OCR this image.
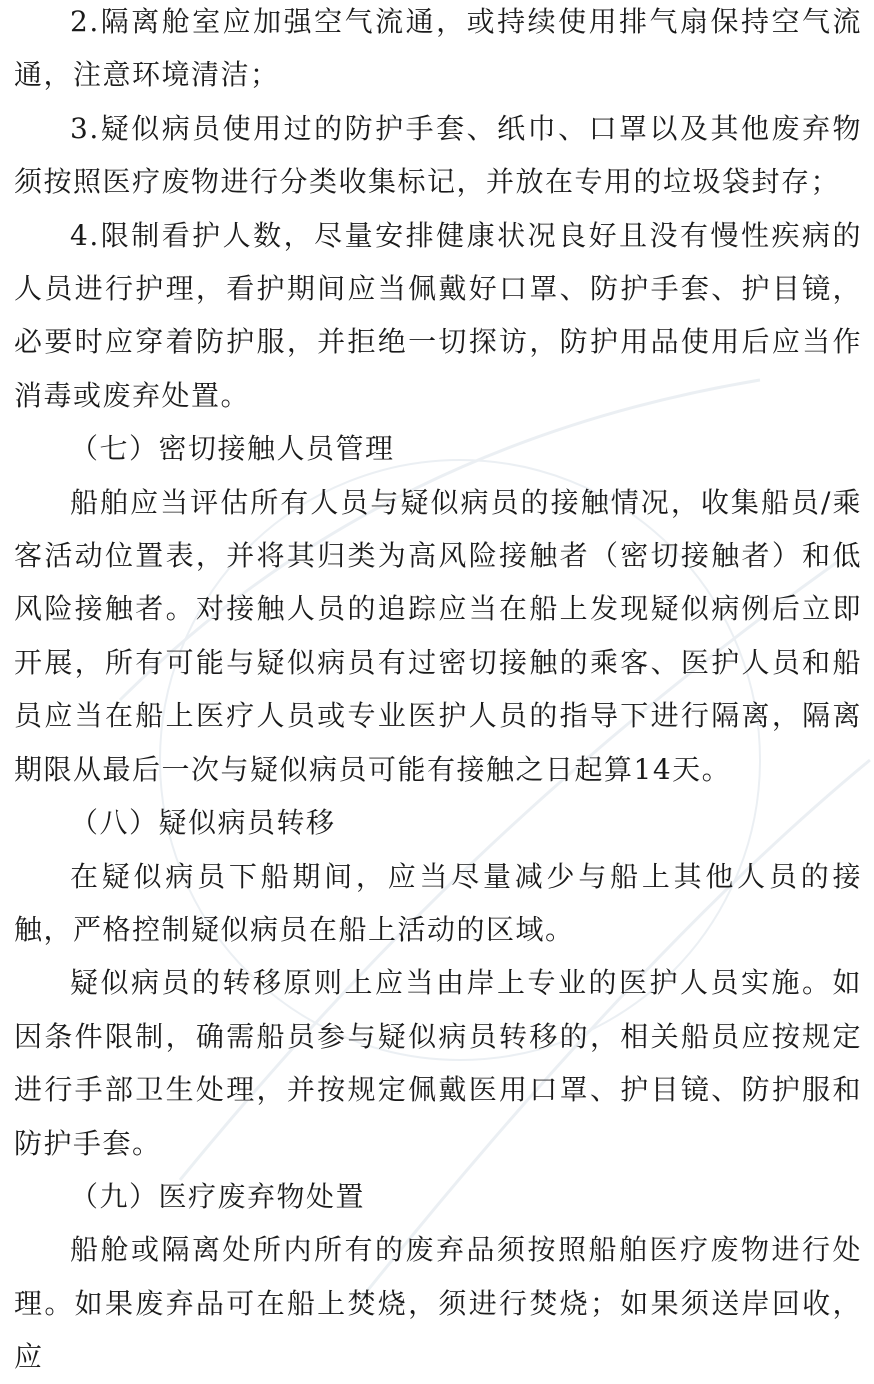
2.隔离舱室应加强空气流通，或持续使用排气扇保持空气流通，注意环境清洁；

3.疑似病员使用过的防护手套、纸巾、口罩以及其他废弃物须按照医疗废物进行分类收集标记，并放在专用的垃圾袋封存；

4.限制看护人数，尽量安排健康状况良好且没有慢性疾病的人员进行护理，看护期间应当佩戴好口罩、防护手套、护目镜，必要时应穿着防护服，并拒绝一切探访，防护用品使用后应当作消毒或废弃处置。

（七）密切接触人员管理

船舶应当评估所有人员与疑似病员的接触情况，收集船员/乘客活动位置表，并将其归类为高风险接触者（密切接触者）和低风险接触者。对接触人员的追踪应当在船上发现疑似病例后立即开展，所有可能与疑似病员有过密切接触的乘客、医护人员和船员应当在船上医疗人员或专业医护人员的指导下进行隔离，隔离期限从最后一次与疑似病员可能有接触之日起算14天。

（八）疑似病员转移

在疑似病员下船期间，应当尽量减少与船上其他人员的接触，严格控制疑似病员在船上活动的区域。

疑似病员的转移原则上应当由岸上专业的医护人员实施。如因条件限制，确需船员参与疑似病员转移的，相关船员应按规定进行手部卫生处理，并按规定佩戴医用口罩、护目镜、防护服和防护手套。

（九）医疗废弃物处置

船舱或隔离处所内所有的废弃品须按照船舶医疗废物进行处理。如果废弃品可在船上焚烧，须进行焚烧；如果须送岸回收，应
